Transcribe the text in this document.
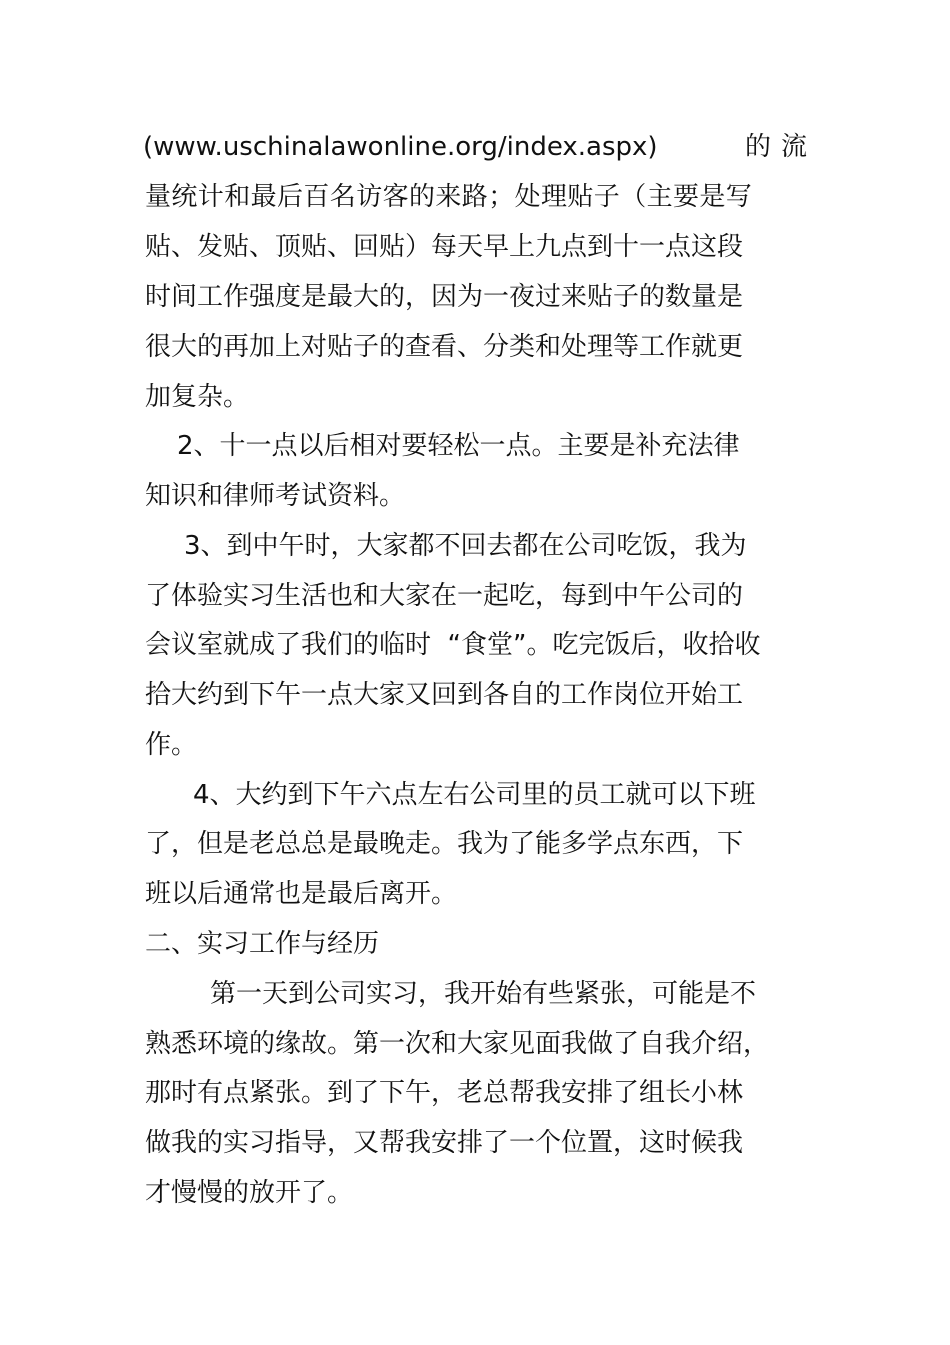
(www.uschinalawonline.org/index.aspx)	的流
量统计和最后百名访客的来路；处理贴子（主要是写
贴、发贴、顶贴、回贴）每天早上九点到十一点这段
时间工作强度是最大的，因为一夜过来贴子的数量是
很大的再加上对贴子的查看、分类和处理等工作就更
加复杂。
2、十一点以后相对要轻松一点。主要是补充法律
知识和律师考试资料。
3、到中午时，大家都不回去都在公司吃饭，我为
了体验实习生活也和大家在一起吃，每到中午公司的
会议室就成了我们的临时  “食堂”。吃完饭后，收拾收
拾大约到下午一点大家又回到各自的工作岗位开始工
作。
4、大约到下午六点左右公司里的员工就可以下班
了，但是老总总是最晚走。我为了能多学点东西，下
班以后通常也是最后离开。
二、实习工作与经历
第一天到公司实习，我开始有些紧张，可能是不
熟悉环境的缘故。第一次和大家见面我做了自我介绍，
那时有点紧张。到了下午，老总帮我安排了组长小林
做我的实习指导，又帮我安排了一个位置，这时候我
才慢慢的放开了。
